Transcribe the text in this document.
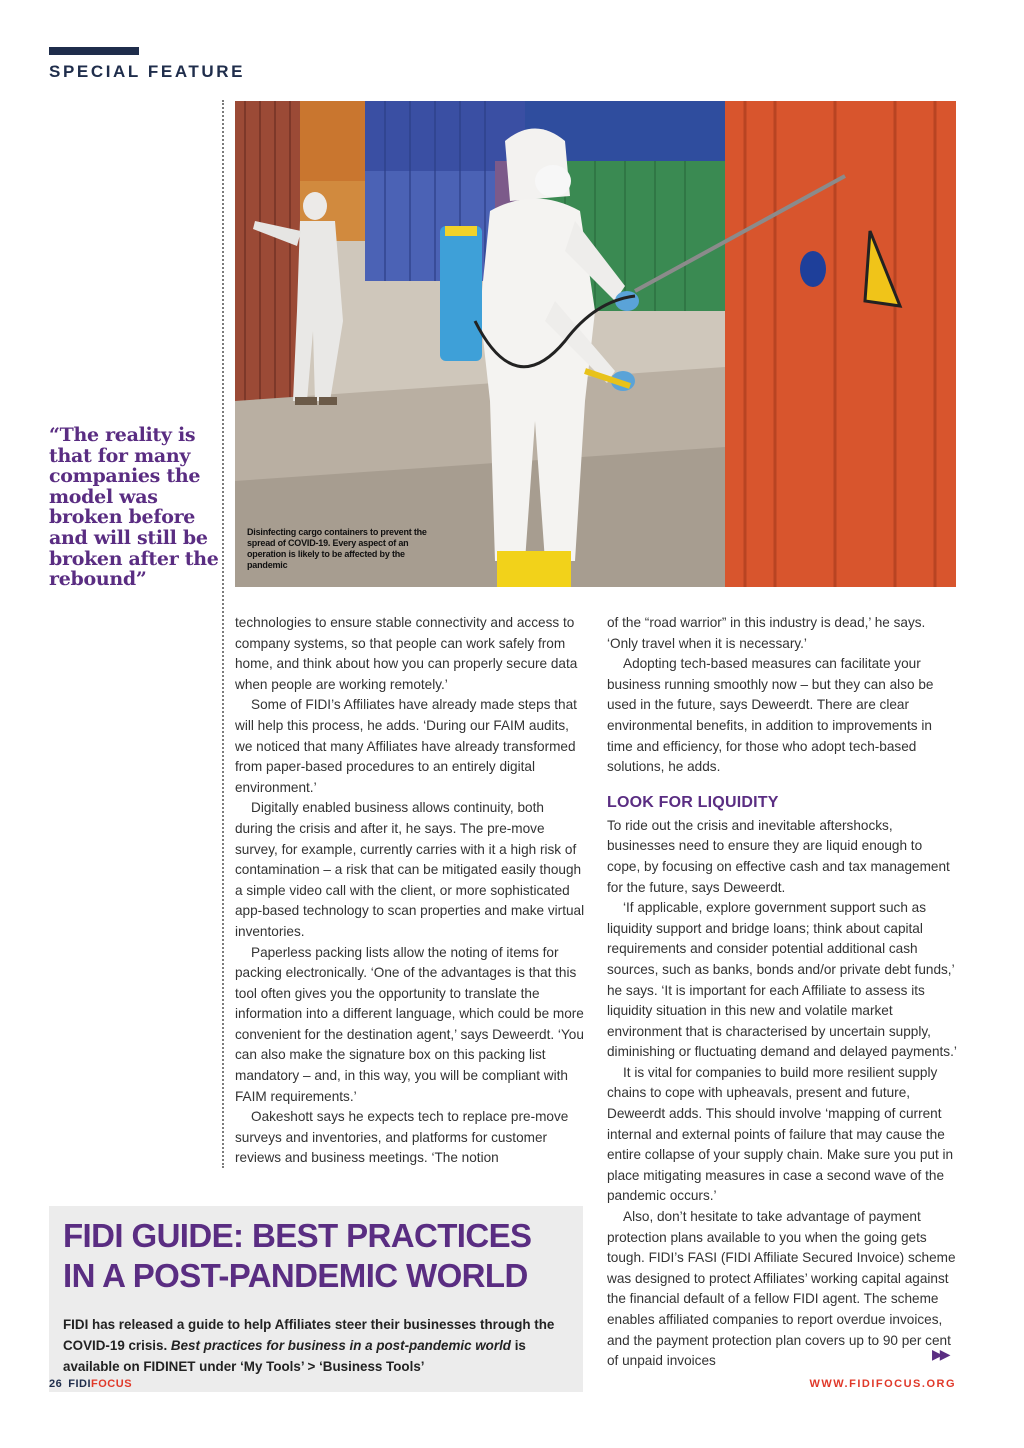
SPECIAL FEATURE
Disinfecting cargo containers to prevent the spread of COVID-19. Every aspect of an operation is likely to be affected by the pandemic
“The reality is that for many companies the model was broken before and will still be broken after the rebound”

technologies to ensure stable connectivity and access to company systems, so that people can work safely from home, and think about how you can properly secure data when people are working remotely.’

Some of FIDI’s Affiliates have already made steps that will help this process, he adds. ‘During our FAIM audits, we noticed that many Affiliates have already transformed from paper-based procedures to an entirely digital environment.’

Digitally enabled business allows continuity, both during the crisis and after it, he says. The pre-move survey, for example, currently carries with it a high risk of contamination – a risk that can be mitigated easily though a simple video call with the client, or more sophisticated app-based technology to scan properties and make virtual inventories.

Paperless packing lists allow the noting of items for packing electronically. ‘One of the advantages is that this tool often gives you the opportunity to translate the information into a different language, which could be more convenient for the destination agent,’ says Deweerdt. ‘You can also make the signature box on this packing list mandatory – and, in this way, you will be compliant with FAIM requirements.’

Oakeshott says he expects tech to replace pre-move surveys and inventories, and platforms for customer reviews and business meetings. ‘The notion

of the “road warrior” in this industry is dead,’ he says. ‘Only travel when it is necessary.’

Adopting tech-based measures can facilitate your business running smoothly now – but they can also be used in the future, says Deweerdt. There are clear environmental benefits, in addition to improvements in time and efficiency, for those who adopt tech-based solutions, he adds.

LOOK FOR LIQUIDITY

To ride out the crisis and inevitable aftershocks, businesses need to ensure they are liquid enough to cope, by focusing on effective cash and tax management for the future, says Deweerdt.

‘If applicable, explore government support such as liquidity support and bridge loans; think about capital requirements and consider potential additional cash sources, such as banks, bonds and/or private debt funds,’ he says. ‘It is important for each Affiliate to assess its liquidity situation in this new and volatile market environment that is characterised by uncertain supply, diminishing or fluctuating demand and delayed payments.’

It is vital for companies to build more resilient supply chains to cope with upheavals, present and future, Deweerdt adds. This should involve ‘mapping of current internal and external points of failure that may cause the entire collapse of your supply chain. Make sure you put in place mitigating measures in case a second wave of the pandemic occurs.’

Also, don’t hesitate to take advantage of payment protection plans available to you when the going gets tough. FIDI’s FASI (FIDI Affiliate Secured Invoice) scheme was designed to protect Affiliates’ working capital against the financial default of a fellow FIDI agent. The scheme enables affiliated companies to report overdue invoices, and the payment protection plan covers up to 90 per cent of unpaid invoices	▶▶
FIDI GUIDE: BEST PRACTICES IN A POST-PANDEMIC WORLD
FIDI has released a guide to help Affiliates steer their businesses through the COVID-19 crisis. Best practices for business in a post-pandemic world is available on FIDINET under ‘My Tools’ > ‘Business Tools’
26 FIDIFOCUS	WWW.FIDIFOCUS.ORG
